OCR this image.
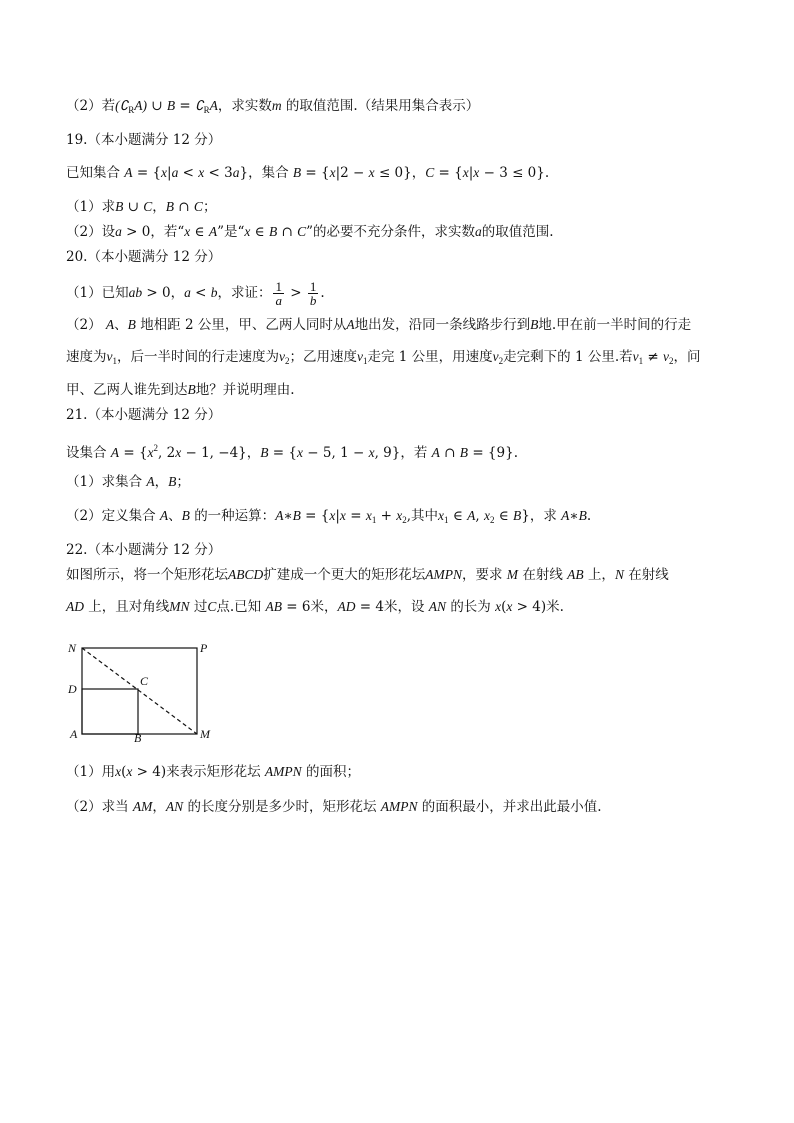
（2）若$(∁_RA)$ ∪ $B = ∁_RA$，求实数m 的取值范围.（结果用集合表示）
19.（本小题满分 12 分）
已知集合 A = {x|a < x < 3a}，集合 B = {x|2 − x ≤ 0}，C = {x|x − 3 ≤ 0}.
（1）求B ∪ C，B ∩ C；
（2）设a > 0，若“x ∈ A”是“x ∈ B ∩ C”的必要不充分条件，求实数a的取值范围.
20.（本小题满分 12 分）
（1）已知ab > 0，a < b，求证： $\frac{1}{a} > \frac{1}{b}$ .
（2） A、B 地相距 2 公里，甲、乙两人同时从A地出发，沿同一条线路步行到B地.甲在前一半时间的行走
速度为$v_1$，后一半时间的行走速度为$v_2$；乙用速度$v_1$走完 1 公里，用速度$v_2$走完剩下的 1 公里.若$v_1 \ne v_2$，问
甲、乙两人谁先到达B地？并说明理由.
21.（本小题满分 12 分）
设集合 $A = \{x^2$, 2x − 1, −4}，B = {x − 5, 1 − x, 9}，若 A ∩ B = {9}.
（1）求集合 A，B；
（2）定义集合 A、B 的一种运算：A∗B = {$x|x = x_1 + x_2$,其中$x_1$ ∈ A, $x_2$ ∈ B}，求 A∗B.
22.（本小题满分 12 分）
如图所示，将一个矩形花坛ABCD扩建成一个更大的矩形花坛AMPN，要求 M 在射线 AB 上，N 在射线
AD 上，且对角线MN 过C点.已知 AB = 6米，AD = 4米，设 AN 的长为 x(x > 4)米.
N	P
D
C
A	B	M
（1）用x(x > 4)来表示矩形花坛 AMPN 的面积；
（2）求当 AM，AN 的长度分别是多少时，矩形花坛 AMPN 的面积最小，并求出此最小值.
